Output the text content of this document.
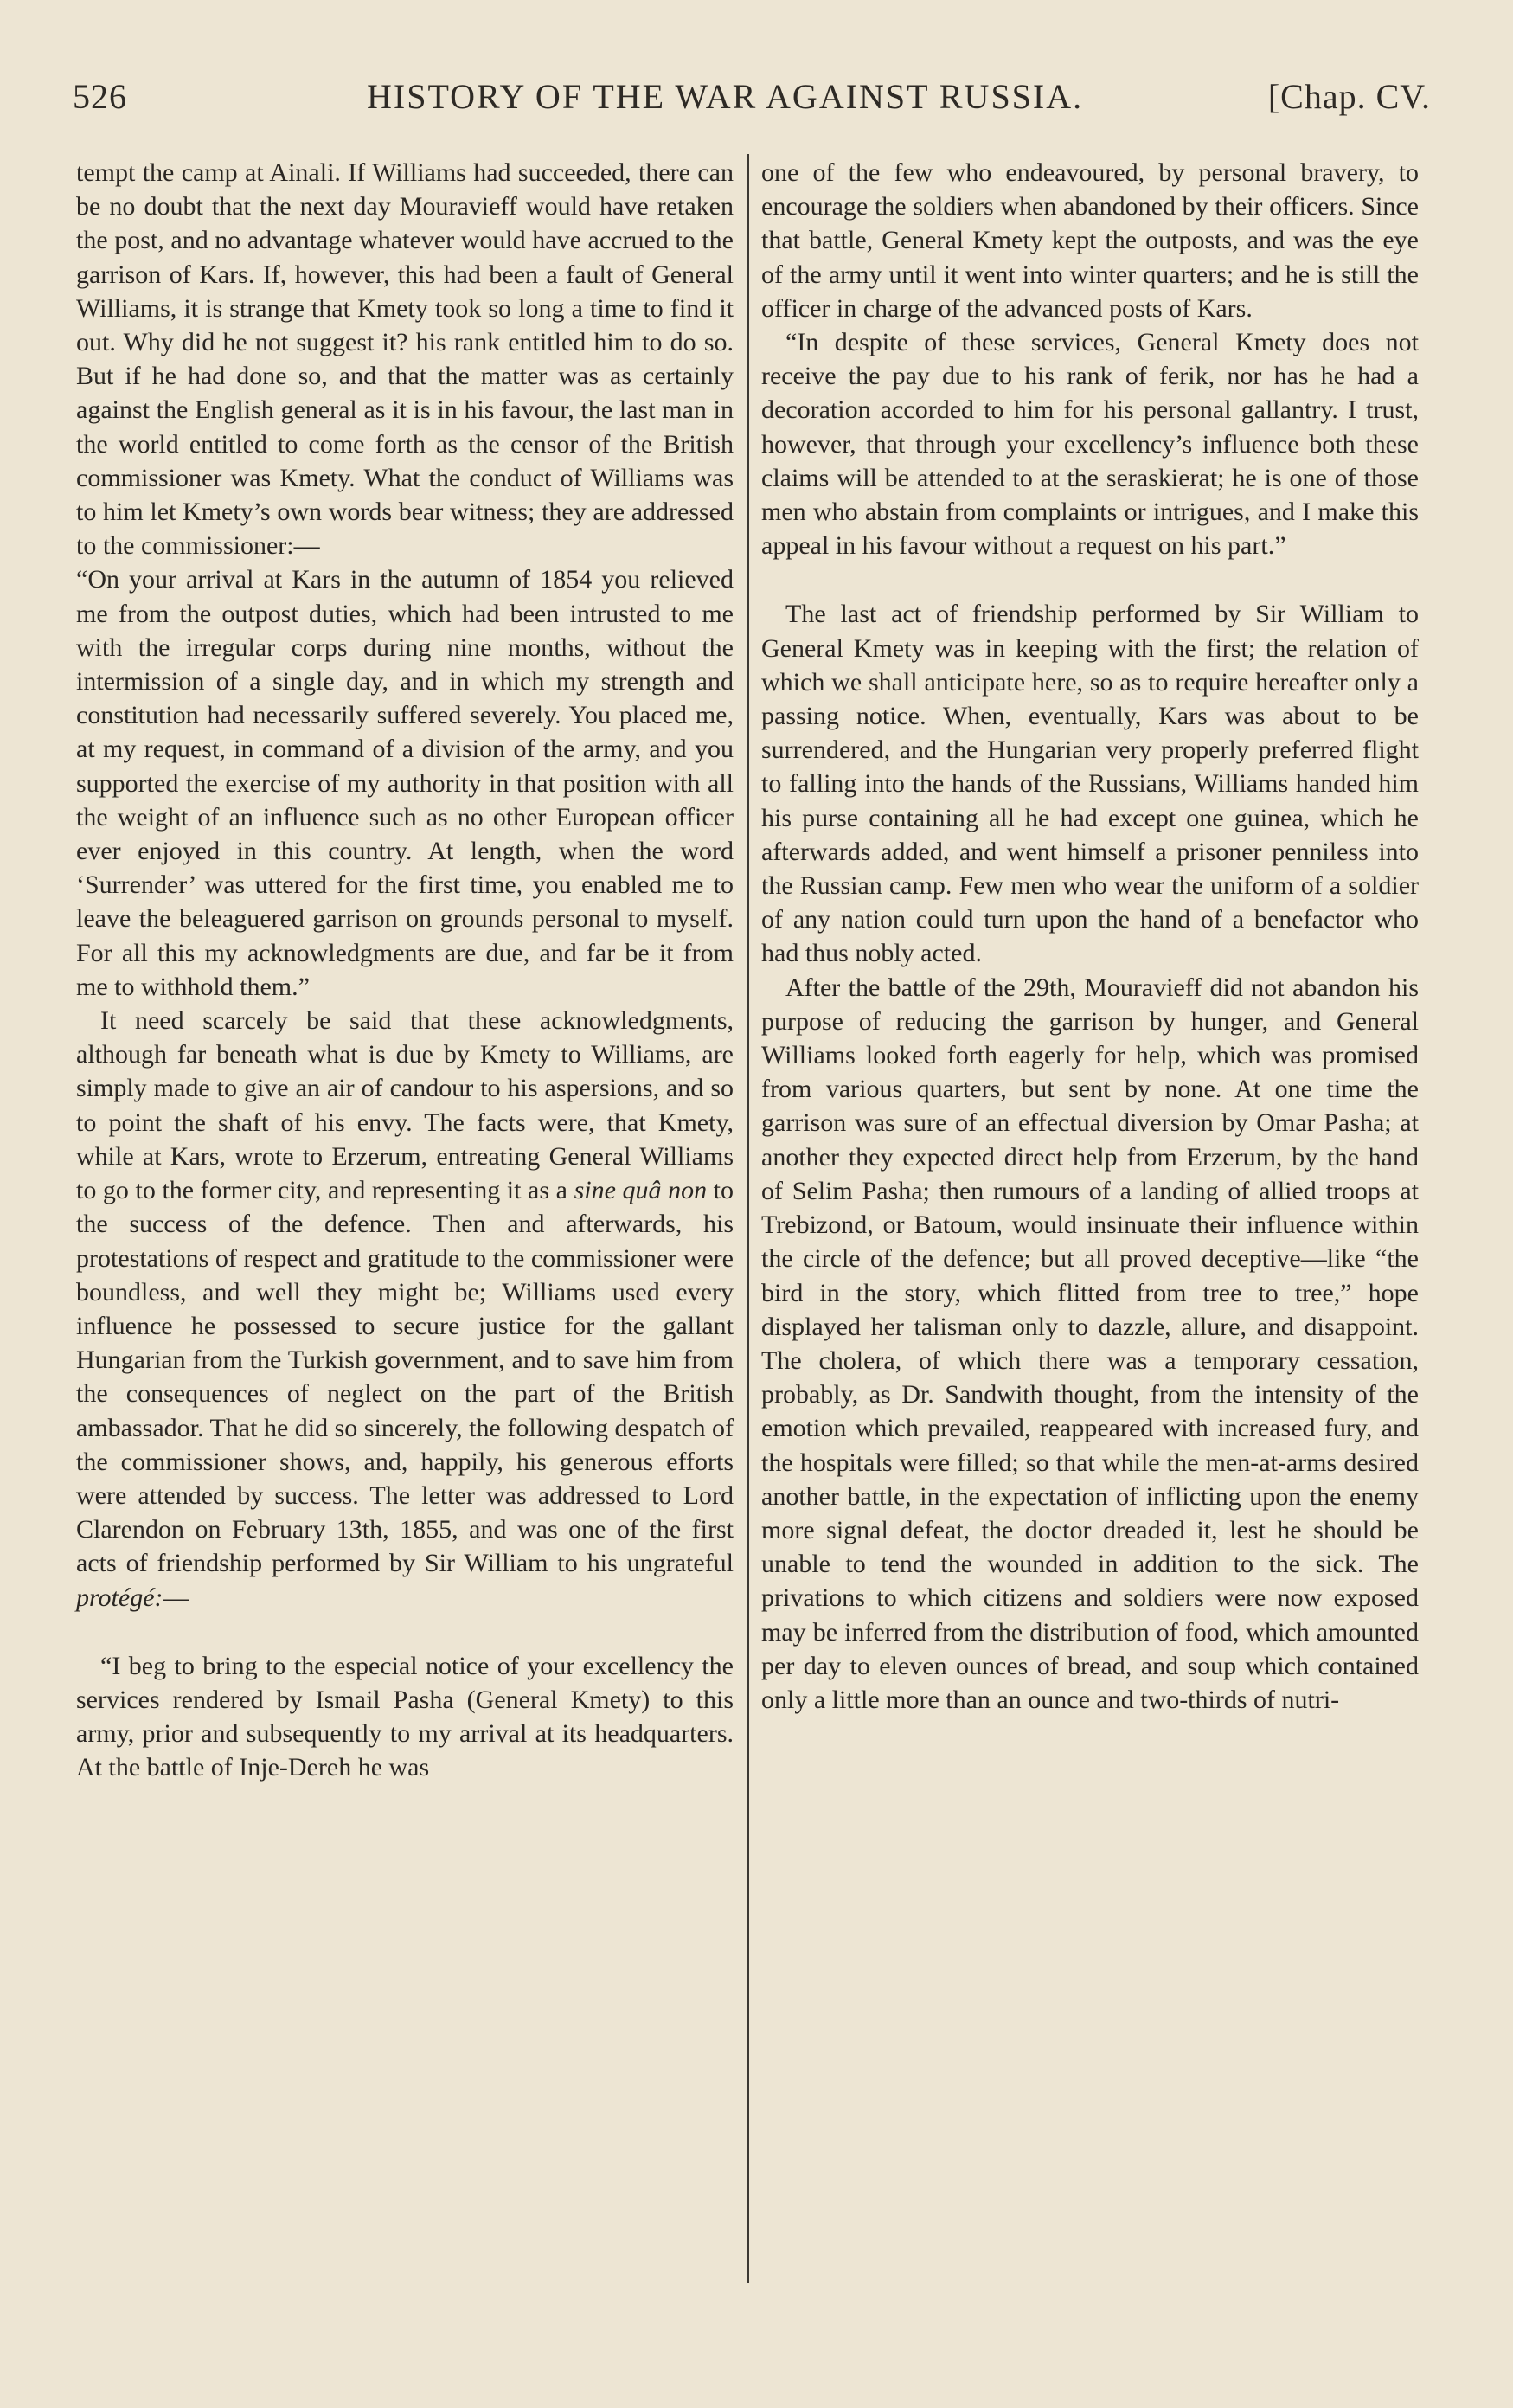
526	HISTORY OF THE WAR AGAINST RUSSIA.	[Chap. CV.

tempt the camp at Ainali. If Williams had succeeded, there can be no doubt that the next day Mouravieff would have retaken the post, and no advantage whatever would have accrued to the garrison of Kars. If, however, this had been a fault of General Williams, it is strange that Kmety took so long a time to find it out. Why did he not suggest it? his rank entitled him to do so. But if he had done so, and that the matter was as certainly against the English general as it is in his favour, the last man in the world entitled to come forth as the censor of the British commissioner was Kmety. What the conduct of Williams was to him let Kmety’s own words bear witness; they are addressed to the commissioner:—

“On your arrival at Kars in the autumn of 1854 you relieved me from the outpost duties, which had been intrusted to me with the irregular corps during nine months, without the intermission of a single day, and in which my strength and constitution had necessarily suffered severely. You placed me, at my request, in command of a division of the army, and you supported the exercise of my authority in that position with all the weight of an influence such as no other European officer ever enjoyed in this country. At length, when the word ‘Surrender’ was uttered for the first time, you enabled me to leave the beleaguered garrison on grounds personal to myself. For all this my acknowledgments are due, and far be it from me to withhold them.”

It need scarcely be said that these acknowledgments, although far beneath what is due by Kmety to Williams, are simply made to give an air of candour to his aspersions, and so to point the shaft of his envy. The facts were, that Kmety, while at Kars, wrote to Erzerum, entreating General Williams to go to the former city, and representing it as a sine quâ non to the success of the defence. Then and afterwards, his protestations of respect and gratitude to the commissioner were boundless, and well they might be; Williams used every influence he possessed to secure justice for the gallant Hungarian from the Turkish government, and to save him from the consequences of neglect on the part of the British ambassador. That he did so sincerely, the following despatch of the commissioner shows, and, happily, his generous efforts were attended by success. The letter was addressed to Lord Clarendon on February 13th, 1855, and was one of the first acts of friendship performed by Sir William to his ungrateful protégé:—

“I beg to bring to the especial notice of your excellency the services rendered by Ismail Pasha (General Kmety) to this army, prior and subsequently to my arrival at its headquarters. At the battle of Inje-Dereh he was

one of the few who endeavoured, by personal bravery, to encourage the soldiers when abandoned by their officers. Since that battle, General Kmety kept the outposts, and was the eye of the army until it went into winter quarters; and he is still the officer in charge of the advanced posts of Kars.

“In despite of these services, General Kmety does not receive the pay due to his rank of ferik, nor has he had a decoration accorded to him for his personal gallantry. I trust, however, that through your excellency’s influence both these claims will be attended to at the seraskierat; he is one of those men who abstain from complaints or intrigues, and I make this appeal in his favour without a request on his part.”

The last act of friendship performed by Sir William to General Kmety was in keeping with the first; the relation of which we shall anticipate here, so as to require hereafter only a passing notice. When, eventually, Kars was about to be surrendered, and the Hungarian very properly preferred flight to falling into the hands of the Russians, Williams handed him his purse containing all he had except one guinea, which he afterwards added, and went himself a prisoner penniless into the Russian camp. Few men who wear the uniform of a soldier of any nation could turn upon the hand of a benefactor who had thus nobly acted.

After the battle of the 29th, Mouravieff did not abandon his purpose of reducing the garrison by hunger, and General Williams looked forth eagerly for help, which was promised from various quarters, but sent by none. At one time the garrison was sure of an effectual diversion by Omar Pasha; at another they expected direct help from Erzerum, by the hand of Selim Pasha; then rumours of a landing of allied troops at Trebizond, or Batoum, would insinuate their influence within the circle of the defence; but all proved deceptive—like “the bird in the story, which flitted from tree to tree,” hope displayed her talisman only to dazzle, allure, and disappoint. The cholera, of which there was a temporary cessation, probably, as Dr. Sandwith thought, from the intensity of the emotion which prevailed, reappeared with increased fury, and the hospitals were filled; so that while the men-at-arms desired another battle, in the expectation of inflicting upon the enemy more signal defeat, the doctor dreaded it, lest he should be unable to tend the wounded in addition to the sick. The privations to which citizens and soldiers were now exposed may be inferred from the distribution of food, which amounted per day to eleven ounces of bread, and soup which contained only a little more than an ounce and two-thirds of nutri-
